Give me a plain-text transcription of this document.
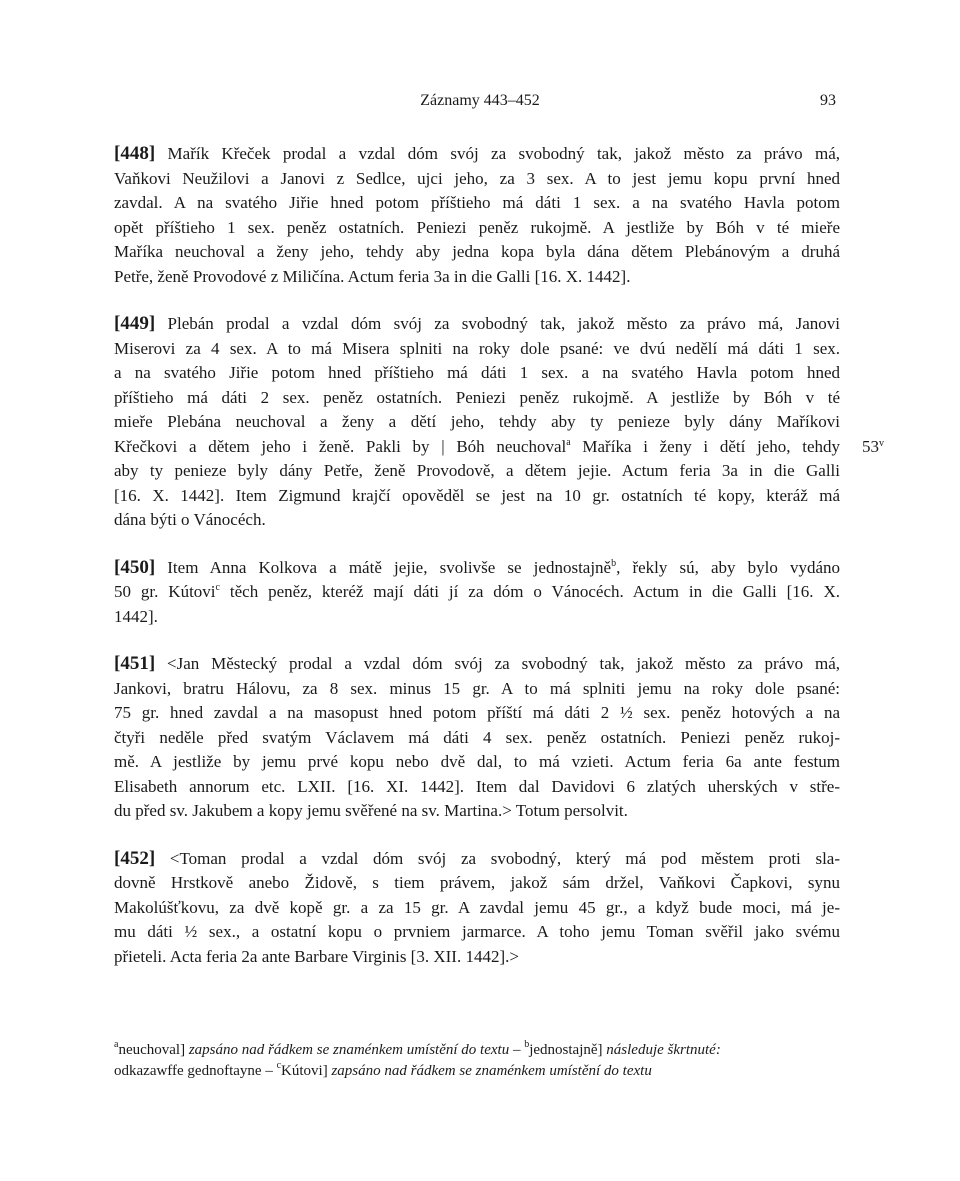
Záznamy 443–452	93
[448] Mařík Křeček prodal a vzdal dóm svój za svobodný tak, jakož město za právo má,
Vaňkovi Neužilovi a Janovi z Sedlce, ujci jeho, za 3 sex. A to jest jemu kopu první hned
zavdal. A na svatého Jiřie hned potom příštieho má dáti 1 sex. a na svatého Havla potom
opět příštieho 1 sex. peněz ostatních. Peniezi peněz rukojmě. A jestliže by Bóh v té mieře
Maříka neuchoval a ženy jeho, tehdy aby jedna kopa byla dána dětem Plebánovým a druhá
Petře, ženě Provodové z Miličína. Actum feria 3a in die Galli [16. X. 1442].
[449] Plebán prodal a vzdal dóm svój za svobodný tak, jakož město za právo má, Janovi
Miserovi za 4 sex. A to má Misera splniti na roky dole psané: ve dvú nedělí má dáti 1 sex.
a na svatého Jiřie potom hned příštieho má dáti 1 sex. a na svatého Havla potom hned
příštieho má dáti 2 sex. peněz ostatních. Peniezi peněz rukojmě. A jestliže by Bóh v té
mieře Plebána neuchoval a ženy a dětí jeho, tehdy aby ty penieze byly dány Maříkovi
Křečkovi a dětem jeho i ženě. Pakli by | Bóh neuchoval$^a$ Maříka i ženy i dětí jeho, tehdy
aby ty penieze byly dány Petře, ženě Provodově, a dětem jejie. Actum feria 3a in die Galli
[16. X. 1442]. Item Zigmund krajčí opověděl se jest na 10 gr. ostatních té kopy, kteráž má
dána býti o Vánocéch.
[450] Item Anna Kolkova a mátě jejie, svolivše se jednostajně$^b$, řekly sú, aby bylo vydáno
50 gr. Kútovi$^c$ těch peněz, kteréž mají dáti jí za dóm o Vánocéch. Actum in die Galli [16. X.
1442].
[451] <Jan Městecký prodal a vzdal dóm svój za svobodný tak, jakož město za právo má,
Jankovi, bratru Hálovu, za 8 sex. minus 15 gr. A to má splniti jemu na roky dole psané:
75 gr. hned zavdal a na masopust hned potom příští má dáti 2 ½ sex. peněz hotových a na
čtyři neděle před svatým Václavem má dáti 4 sex. peněz ostatních. Peniezi peněz rukoj-
mě. A jestliže by jemu prvé kopu nebo dvě dal, to má vzieti. Actum feria 6a ante festum
Elisabeth annorum etc. LXII. [16. XI. 1442]. Item dal Davidovi 6 zlatých uherských v stře-
du před sv. Jakubem a kopy jemu svěřené na sv. Martina.> Totum persolvit.
[452] <Toman prodal a vzdal dóm svój za svobodný, který má pod městem proti sla-
dovně Hrstkově anebo Židově, s tiem právem, jakož sám držel, Vaňkovi Čapkovi, synu
Makolúšťkovu, za dvě kopě gr. a za 15 gr. A zavdal jemu 45 gr., a když bude moci, má je-
mu dáti ½ sex., a ostatní kopu o prvniem jarmarce. A toho jemu Toman svěřil jako svému
přieteli. Acta feria 2a ante Barbare Virginis [3. XII. 1442].>
$53^v$
$^a$neuchoval] zapsáno nad řádkem se znaménkem umístění do textu – $^b$jednostajně] následuje škrtnuté:
odkazawffe gednoftayne – $^c$Kútovi] zapsáno nad řádkem se znaménkem umístění do textu
